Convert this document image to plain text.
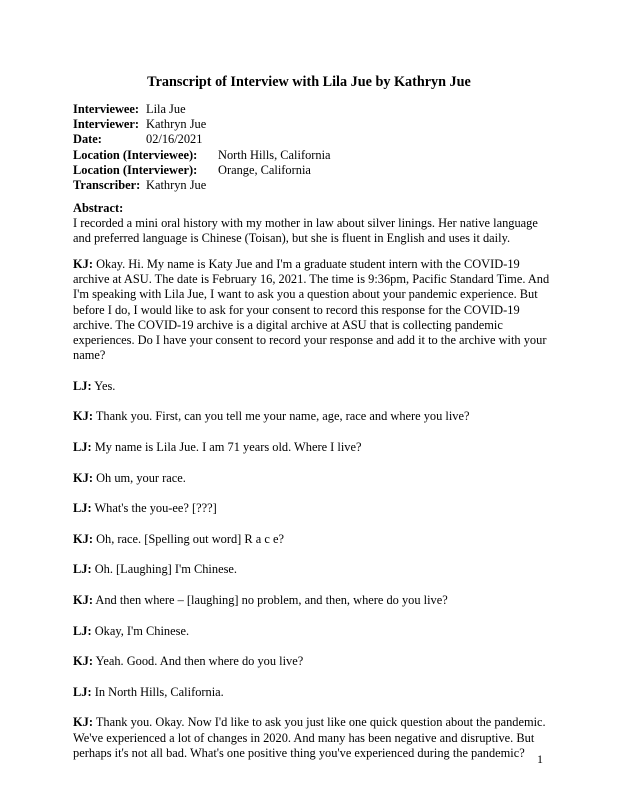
Transcript of Interview with Lila Jue by Kathryn Jue
Interviewee: Lila Jue
Interviewer: Kathryn Jue
Date:	02/16/2021
Location (Interviewee): North Hills, California
Location (Interviewer): Orange, California
Transcriber: Kathryn Jue
Abstract:
I recorded a mini oral history with my mother in law about silver linings. Her native language
and preferred language is Chinese (Toisan), but she is fluent in English and uses it daily.
KJ: Okay. Hi. My name is Katy Jue and I'm a graduate student intern with the COVID-19
archive at ASU. The date is February 16, 2021. The time is 9:36pm, Pacific Standard Time. And
I'm speaking with Lila Jue, I want to ask you a question about your pandemic experience. But
before I do, I would like to ask for your consent to record this response for the COVID-19
archive. The COVID-19 archive is a digital archive at ASU that is collecting pandemic
experiences. Do I have your consent to record your response and add it to the archive with your
name?
LJ: Yes.
KJ: Thank you. First, can you tell me your name, age, race and where you live?
LJ: My name is Lila Jue. I am 71 years old. Where I live?
KJ: Oh um, your race.
LJ: What's the you-ee? [???]
KJ: Oh, race. [Spelling out word] R a c e?
LJ: Oh. [Laughing] I'm Chinese.
KJ: And then where – [laughing] no problem, and then, where do you live?
LJ: Okay, I'm Chinese.
KJ: Yeah. Good. And then where do you live?
LJ: In North Hills, California.
KJ: Thank you. Okay. Now I'd like to ask you just like one quick question about the pandemic.
We've experienced a lot of changes in 2020. And many has been negative and disruptive. But
perhaps it's not all bad. What's one positive thing you've experienced during the pandemic?	1
